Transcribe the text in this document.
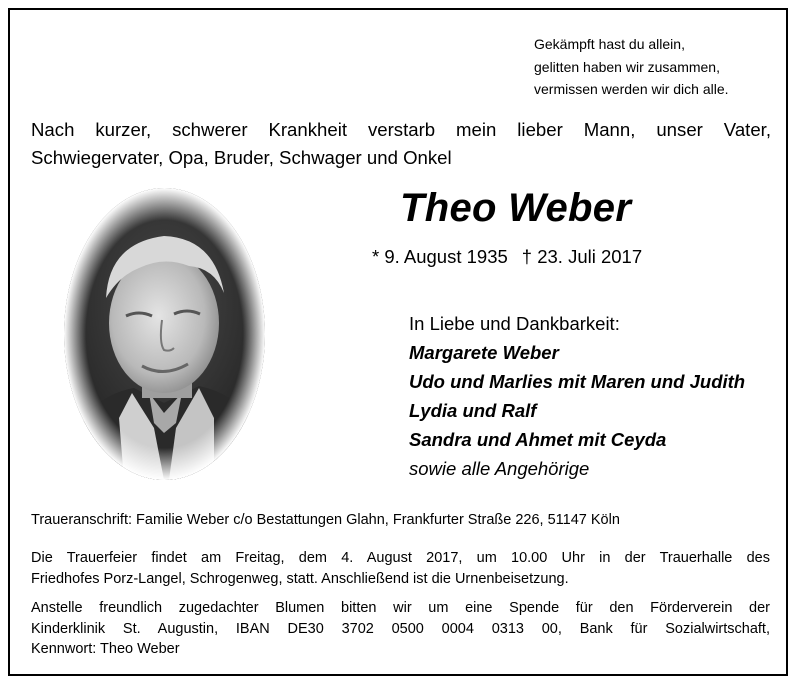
Gekämpft hast du allein,
gelitten haben wir zusammen,
vermissen werden wir dich alle.
Nach kurzer, schwerer Krankheit verstarb mein lieber Mann, unser Vater,
Schwiegervater, Opa, Bruder, Schwager und Onkel
Theo Weber
* 9. August 1935 † 23. Juli 2017
In Liebe und Dankbarkeit:
Margarete Weber
Udo und Marlies mit Maren und Judith
Lydia und Ralf
Sandra und Ahmet mit Ceyda
sowie alle Angehörige
Traueranschrift: Familie Weber c/o Bestattungen Glahn, Frankfurter Straße 226, 51147 Köln
Die Trauerfeier findet am Freitag, dem 4. August 2017, um 10.00 Uhr in der Trauerhalle des
Friedhofes Porz-Langel, Schrogenweg, statt. Anschließend ist die Urnenbeisetzung.
Anstelle freundlich zugedachter Blumen bitten wir um eine Spende für den Förderverein der
Kinderklinik St. Augustin, IBAN DE30 3702 0500 0004 0313 00, Bank für Sozialwirtschaft,
Kennwort: Theo Weber
